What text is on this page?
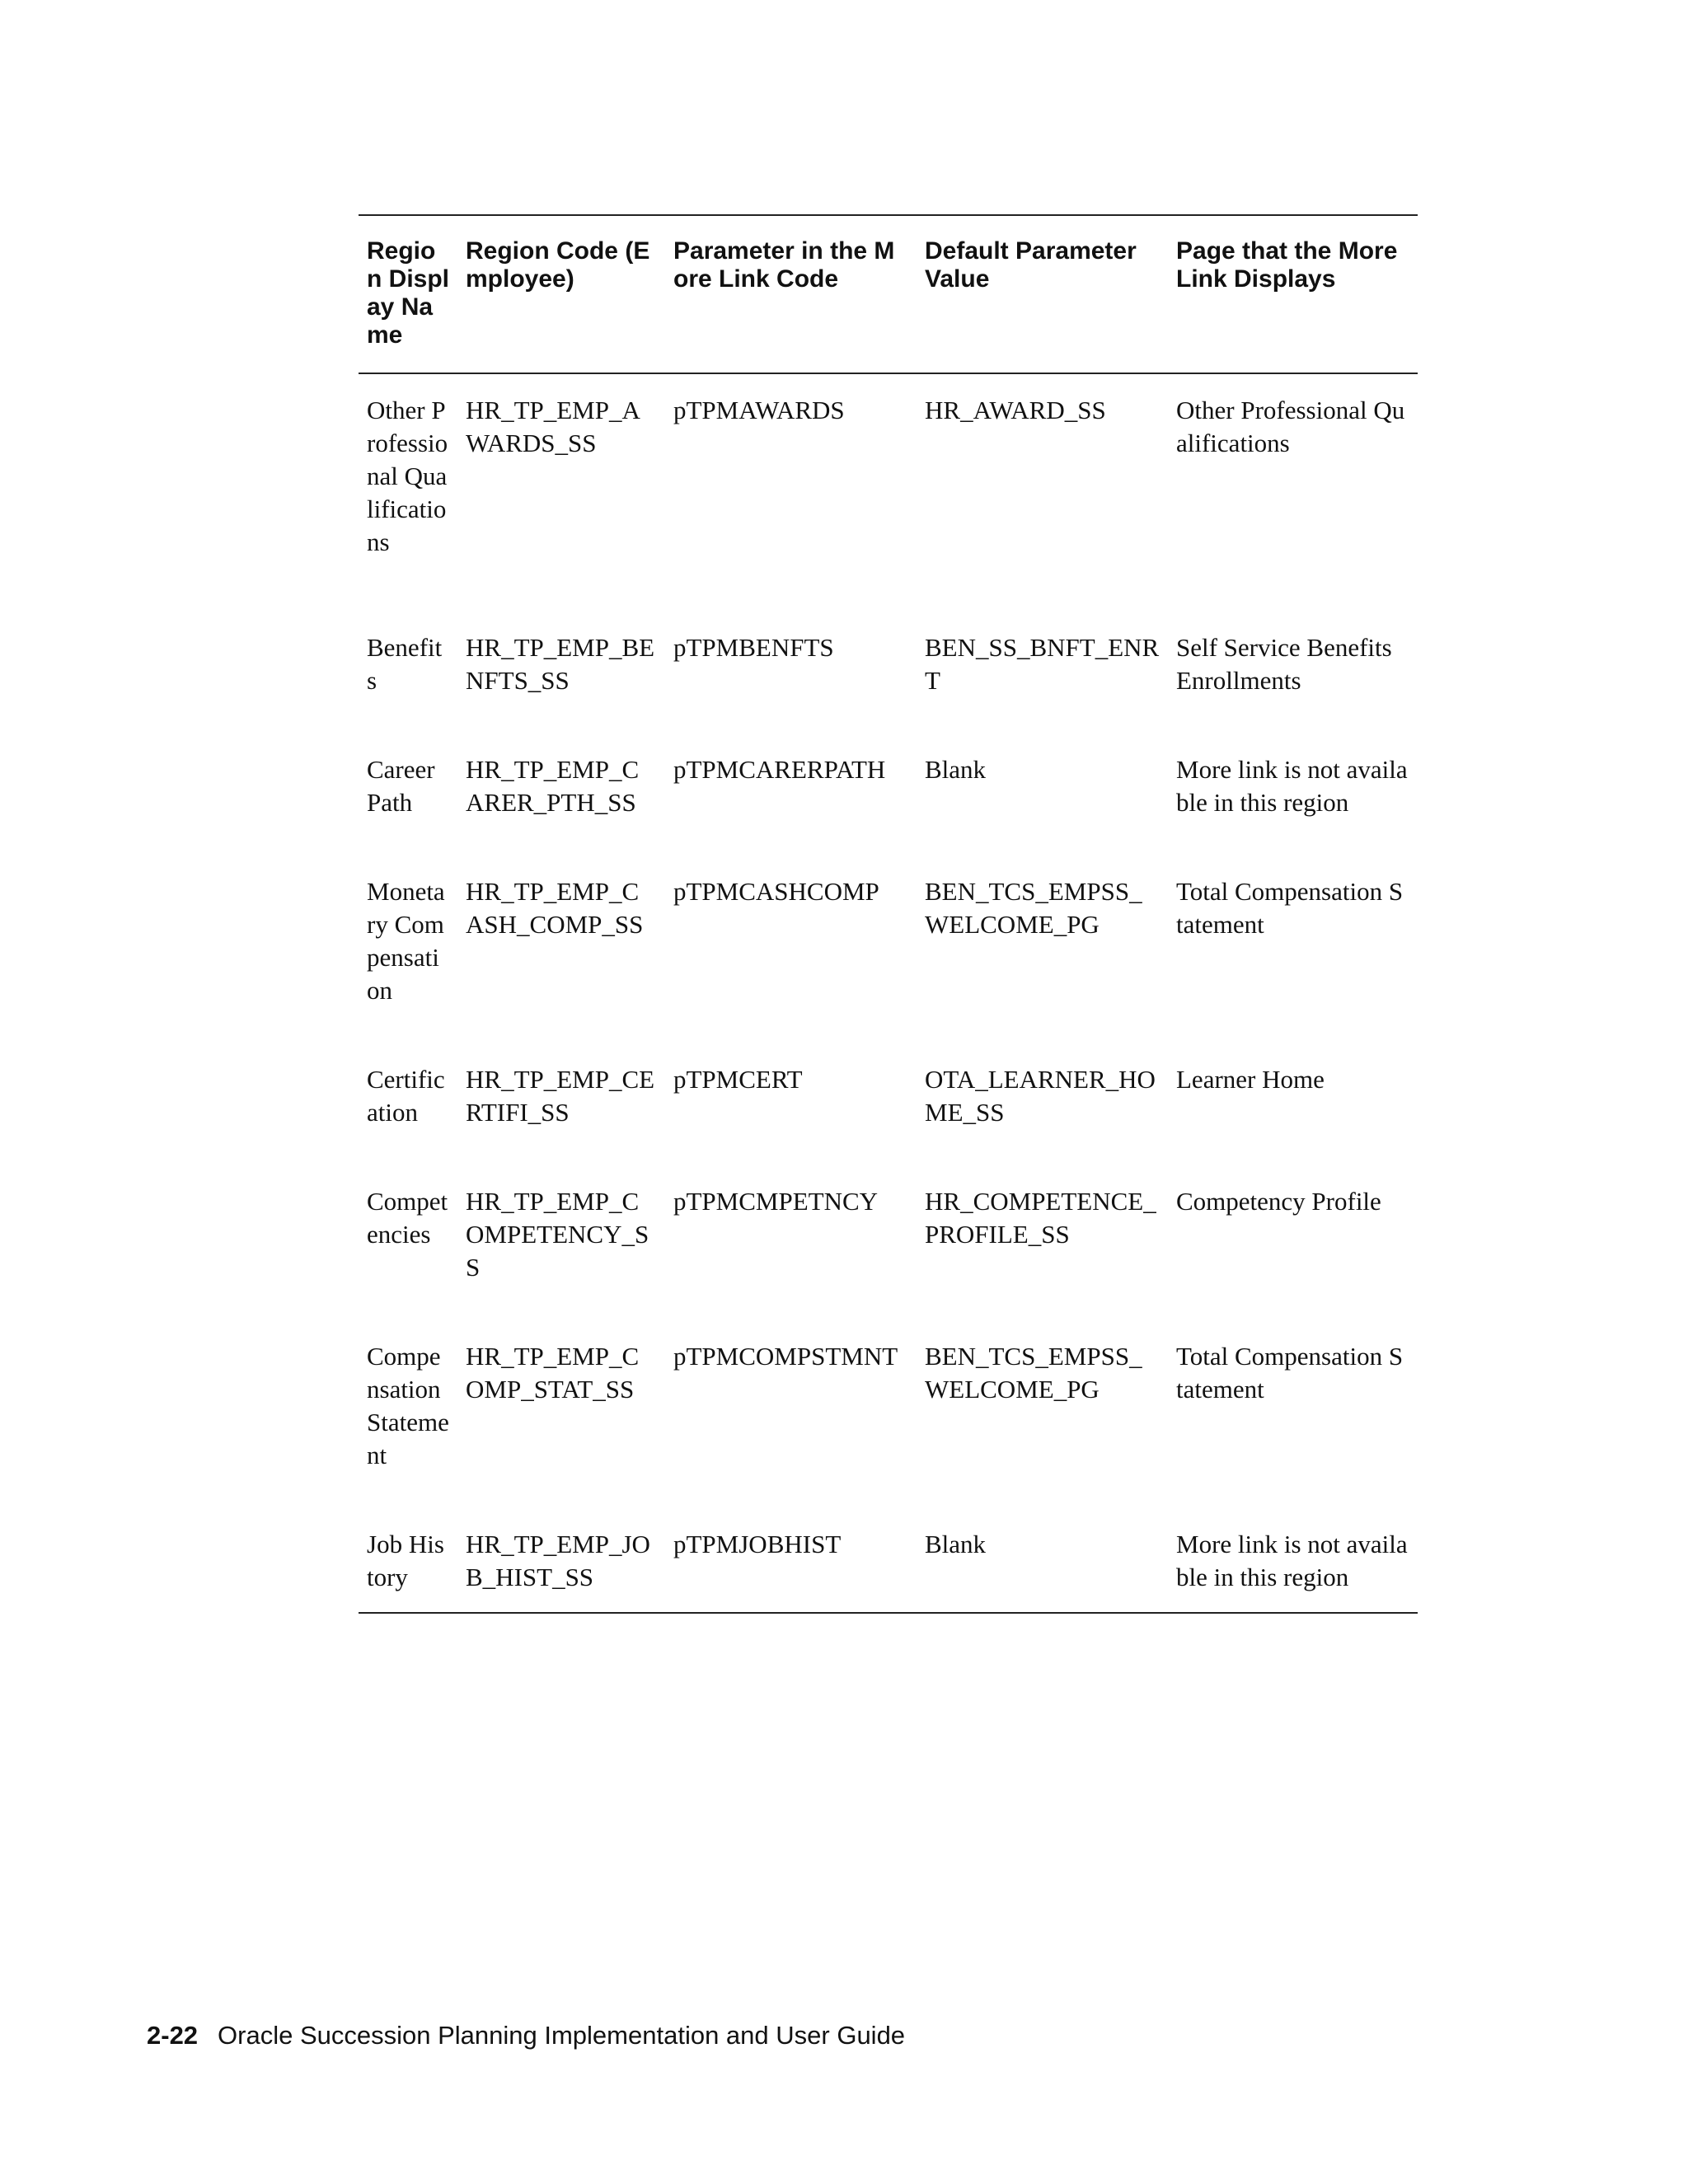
Region Display Name	Region Code (Employee)	Parameter in the More Link Code	Default Parameter Value	Page that the More Link Displays
Other Professional Qualifications	HR_TP_EMP_AWARDS_SS	pTPMAWARDS	HR_AWARD_SS	Other Professional Qualifications
Benefits	HR_TP_EMP_BENFTS_SS	pTPMBENFTS	BEN_SS_BNFT_ENRT	Self Service Benefits Enrollments
Career Path	HR_TP_EMP_CARER_PTH_SS	pTPMCARERPATH	Blank	More link is not available in this region
Monetary Compensation	HR_TP_EMP_CASH_COMP_SS	pTPMCASHCOMP	BEN_TCS_EMPSS_WELCOME_PG	Total Compensation Statement
Certification	HR_TP_EMP_CERTIFI_SS	pTPMCERT	OTA_LEARNER_HOME_SS	Learner Home
Competencies	HR_TP_EMP_COMPETENCY_SS	pTPMCMPETNCY	HR_COMPETENCE_PROFILE_SS	Competency Profile
Compensation Statement	HR_TP_EMP_COMP_STAT_SS	pTPMCOMPSTMNT	BEN_TCS_EMPSS_WELCOME_PG	Total Compensation Statement
Job History	HR_TP_EMP_JOB_HIST_SS	pTPMJOBHIST	Blank	More link is not available in this region
2-22 Oracle Succession Planning Implementation and User Guide
